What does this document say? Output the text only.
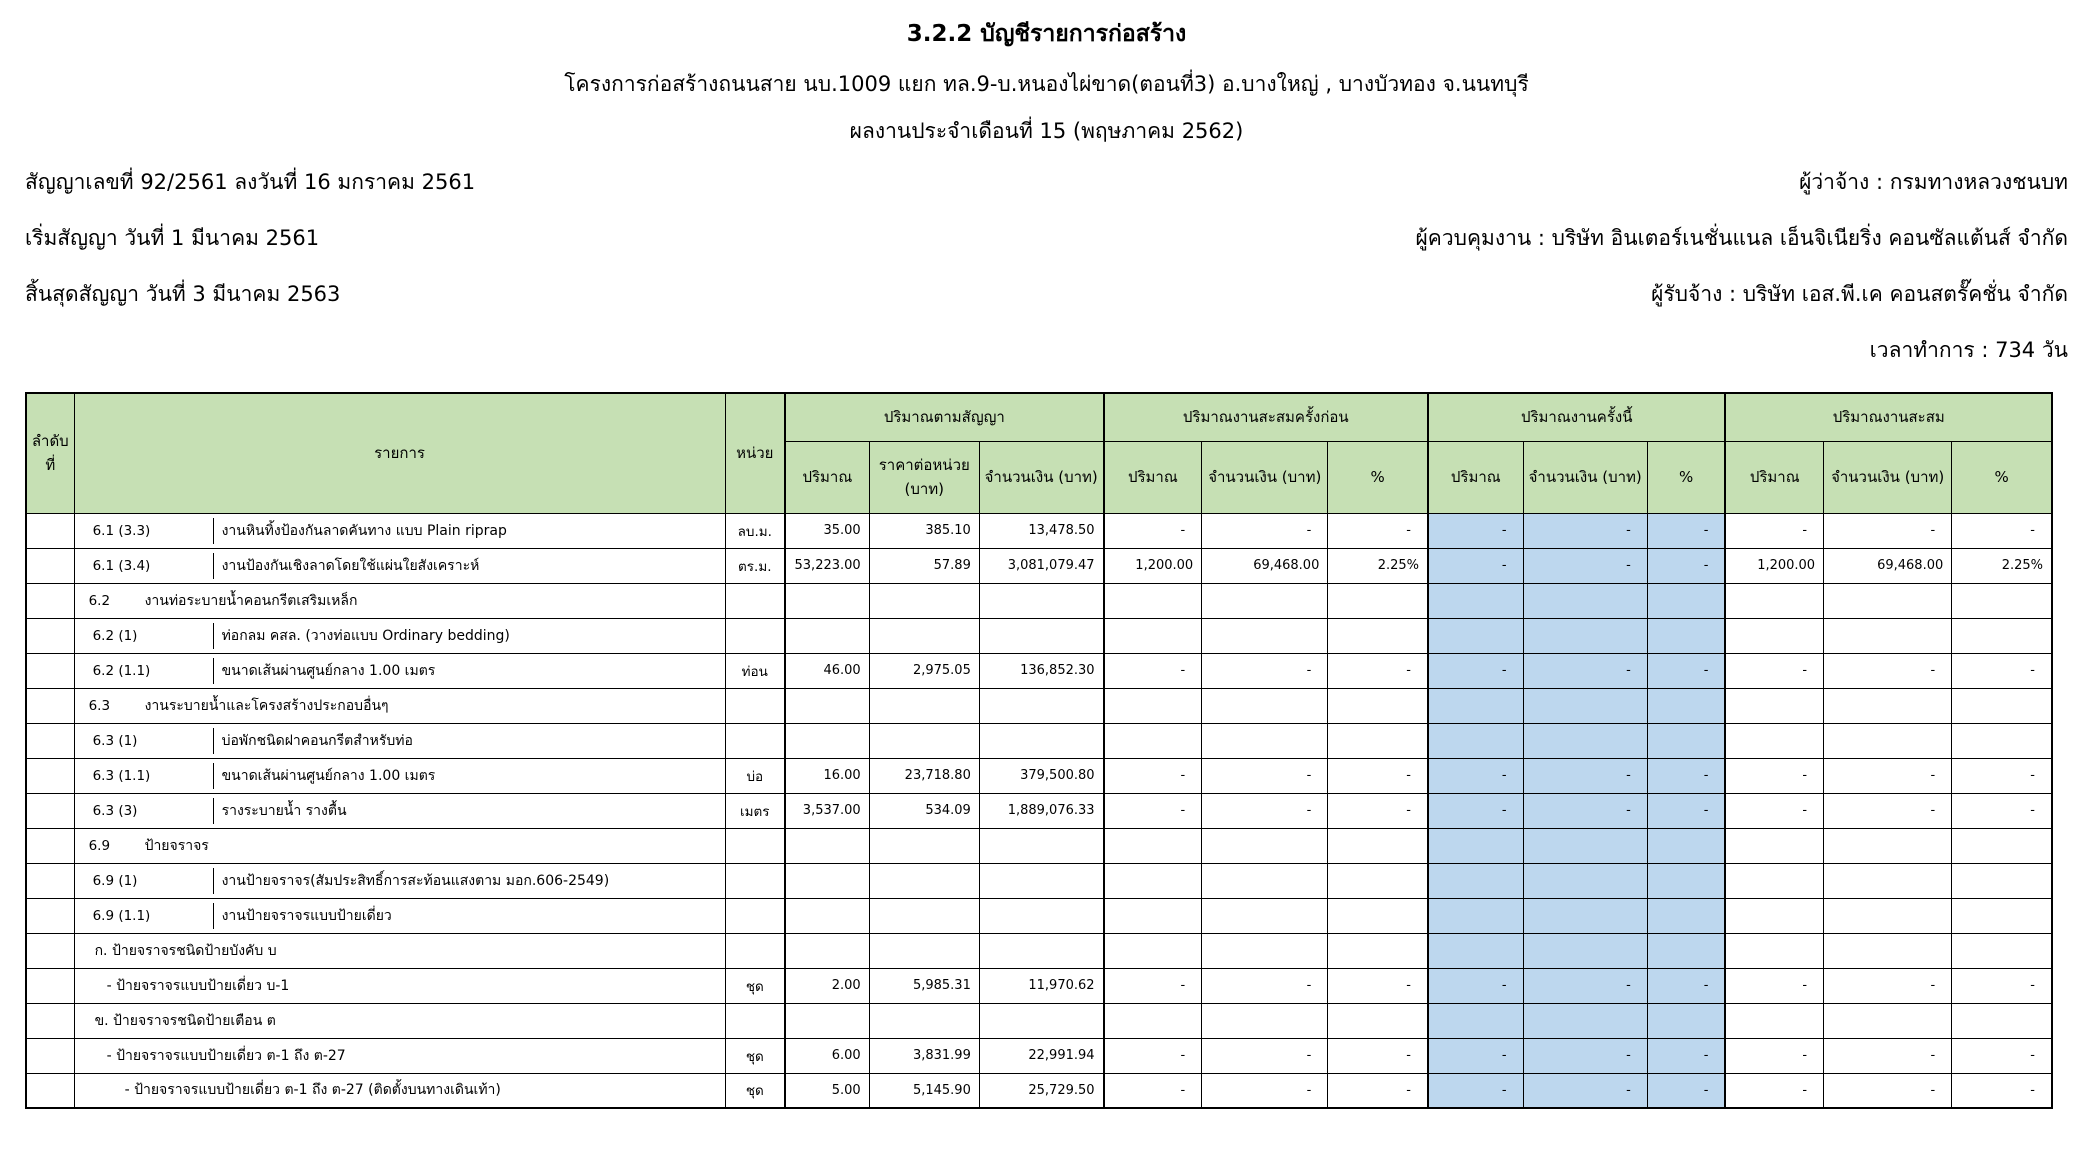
3.2.2 บัญชีรายการก่อสร้าง
โครงการก่อสร้างถนนสาย นบ.1009 แยก ทล.9-บ.หนองไผ่ขาด(ตอนที่3) อ.บางใหญ่ , บางบัวทอง จ.นนทบุรี
ผลงานประจำเดือนที่ 15 (พฤษภาคม 2562)
สัญญาเลขที่ 92/2561 ลงวันที่ 16 มกราคม 2561
เริ่มสัญญา วันที่ 1 มีนาคม 2561
สิ้นสุดสัญญา วันที่ 3 มีนาคม 2563
ผู้ว่าจ้าง : กรมทางหลวงชนบท
ผู้ควบคุมงาน : บริษัท อินเตอร์เนชั่นแนล เอ็นจิเนียริ่ง คอนซัลแต้นส์ จำกัด
ผู้รับจ้าง : บริษัท เอส.พี.เค คอนสตรั๊คชั่น จำกัด
เวลาทำการ : 734 วัน
ลำดับที่	รายการ	หน่วย	ปริมาณตามสัญญา			ปริมาณงานสะสมครั้งก่อน			ปริมาณงานครั้งนี้			ปริมาณงานสะสม		
			ปริมาณ	ราคาต่อหน่วย (บาท)	จำนวนเงิน (บาท)	ปริมาณ	จำนวนเงิน (บาท)	%	ปริมาณ	จำนวนเงิน (บาท)	%	ปริมาณ	จำนวนเงิน (บาท)	%

	6.1 (3.3) งานหินทิ้งป้องกันลาดคันทาง แบบ Plain riprap	ลบ.ม.	35.00	385.10	13,478.50	-	-	-	-	-	-	-	-	-

	6.1 (3.4) งานป้องกันเชิงลาดโดยใช้แผ่นใยสังเคราะห์	ตร.ม.	53,223.00	57.89	3,081,079.47	1,200.00	69,468.00	2.25%	-	-	-	1,200.00	69,468.00	2.25%

	6.2 งานท่อระบายน้ำคอนกรีตเสริมเหล็ก													

	6.2 (1) ท่อกลม คสล. (วางท่อแบบ Ordinary bedding)													

	6.2 (1.1) ขนาดเส้นผ่านศูนย์กลาง 1.00 เมตร	ท่อน	46.00	2,975.05	136,852.30	-	-	-	-	-	-	-	-	-

	6.3 งานระบายน้ำและโครงสร้างประกอบอื่นๆ													

	6.3 (1) บ่อพักชนิดฝาคอนกรีตสำหรับท่อ													

	6.3 (1.1) ขนาดเส้นผ่านศูนย์กลาง 1.00 เมตร	บ่อ	16.00	23,718.80	379,500.80	-	-	-	-	-	-	-	-	-

	6.3 (3) รางระบายน้ำ รางตื้น	เมตร	3,537.00	534.09	1,889,076.33	-	-	-	-	-	-	-	-	-

	6.9 ป้ายจราจร													

	6.9 (1) งานป้ายจราจร(สัมประสิทธิ์การสะท้อนแสงตาม มอก.606-2549)													

	6.9 (1.1) งานป้ายจราจรแบบป้ายเดี่ยว													

	ก. ป้ายจราจรชนิดป้ายบังคับ บ													

	- ป้ายจราจรแบบป้ายเดี่ยว บ-1	ชุด	2.00	5,985.31	11,970.62	-	-	-	-	-	-	-	-	-

	ข. ป้ายจราจรชนิดป้ายเตือน ต													

	- ป้ายจราจรแบบป้ายเดี่ยว ต-1 ถึง ต-27	ชุด	6.00	3,831.99	22,991.94	-	-	-	-	-	-	-	-	-

	- ป้ายจราจรแบบป้ายเดี่ยว ต-1 ถึง ต-27 (ติดตั้งบนทางเดินเท้า)	ชุด	5.00	5,145.90	25,729.50	-	-	-	-	-	-	-	-	-
